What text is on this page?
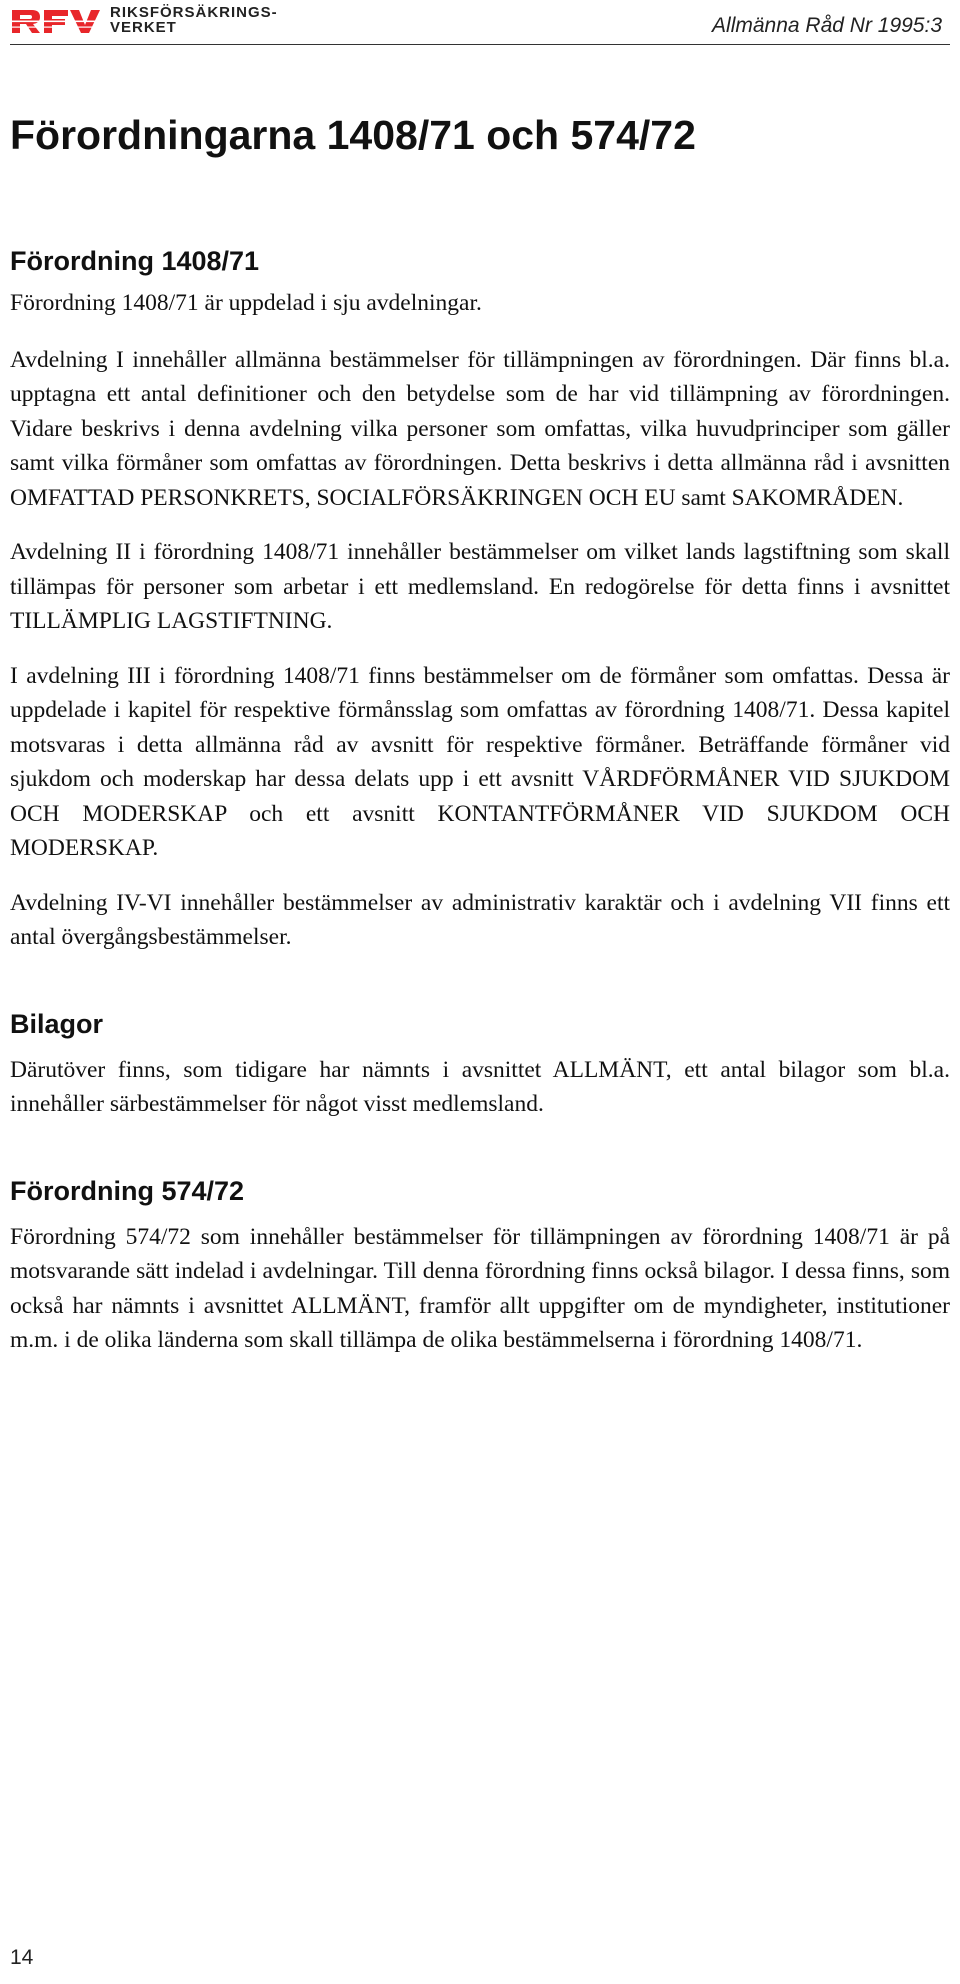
RIKSFÖRSÄKRINGS-
VERKET	Allmänna Råd Nr 1995:3
Förordningarna 1408/71 och 574/72
Förordning 1408/71

Förordning 1408/71 är uppdelad i sju avdelningar.

Avdelning I innehåller allmänna bestämmelser för tillämpningen av förordningen. Där finns bl.a. upptagna ett antal definitioner och den betydelse som de har vid tillämpning av förordningen. Vidare beskrivs i denna avdelning vilka personer som omfattas, vilka huvudprinciper som gäller samt vilka förmåner som omfattas av förordningen. Detta beskrivs i detta allmänna råd i avsnitten OMFATTAD PERSONKRETS, SOCIALFÖRSÄKRINGEN OCH EU samt SAKOMRÅDEN.

Avdelning II i förordning 1408/71 innehåller bestämmelser om vilket lands lagstiftning som skall tillämpas för personer som arbetar i ett medlemsland. En redogörelse för detta finns i avsnittet TILLÄMPLIG LAGSTIFTNING.

I avdelning III i förordning 1408/71 finns bestämmelser om de förmåner som omfattas. Dessa är uppdelade i kapitel för respektive förmånsslag som omfattas av förordning 1408/71. Dessa kapitel motsvaras i detta allmänna råd av avsnitt för respektive förmåner. Beträffande förmåner vid sjukdom och moderskap har dessa delats upp i ett avsnitt VÅRDFÖRMÅNER VID SJUKDOM OCH MODERSKAP och ett avsnitt KONTANTFÖRMÅNER VID SJUKDOM OCH MODERSKAP.

Avdelning IV-VI innehåller bestämmelser av administrativ karaktär och i avdelning VII finns ett antal övergångsbestämmelser.

Bilagor

Därutöver finns, som tidigare har nämnts i avsnittet ALLMÄNT, ett antal bilagor som bl.a. innehåller särbestämmelser för något visst medlemsland.

Förordning 574/72

Förordning 574/72 som innehåller bestämmelser för tillämpningen av förordning 1408/71 är på motsvarande sätt indelad i avdelningar. Till denna förordning finns också bilagor. I dessa finns, som också har nämnts i avsnittet ALLMÄNT, framför allt uppgifter om de myndigheter, institutioner m.m. i de olika länderna som skall tillämpa de olika bestämmelserna i förordning 1408/71.

14
